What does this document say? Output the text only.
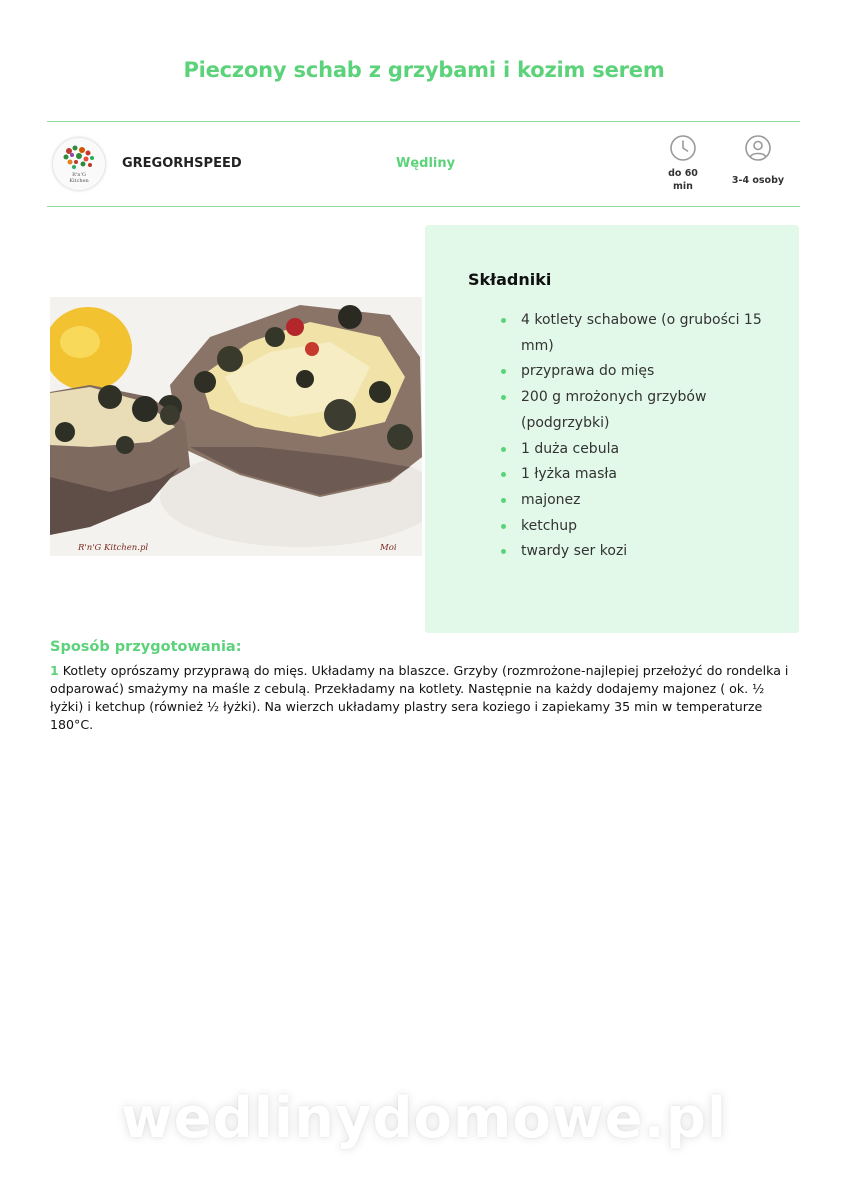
Pieczony schab z grzybami i kozim serem
R'n'G
Kitchen
GREGORHSPEED	Wędliny
do 60 min
3-4 osoby
R'n'G Kitchen.pl	Moi
Składniki
4 kotlety schabowe (o grubości 15 mm)
przyprawa do mięs
200 g mrożonych grzybów (podgrzybki)
1 duża cebula
1 łyżka masła
majonez
ketchup
twardy ser kozi
Sposób przygotowania:

1 Kotlety oprószamy przyprawą do mięs. Układamy na blaszce. Grzyby (rozmrożone-najlepiej przełożyć do rondelka i odparować) smażymy na maśle z cebulą. Przekładamy na kotlety. Następnie na każdy dodajemy majonez ( ok. ½ łyżki) i ketchup (również ½ łyżki). Na wierzch układamy plastry sera koziego i zapiekamy 35 min w temperaturze 180°C.

wedlinydomowe.pl
